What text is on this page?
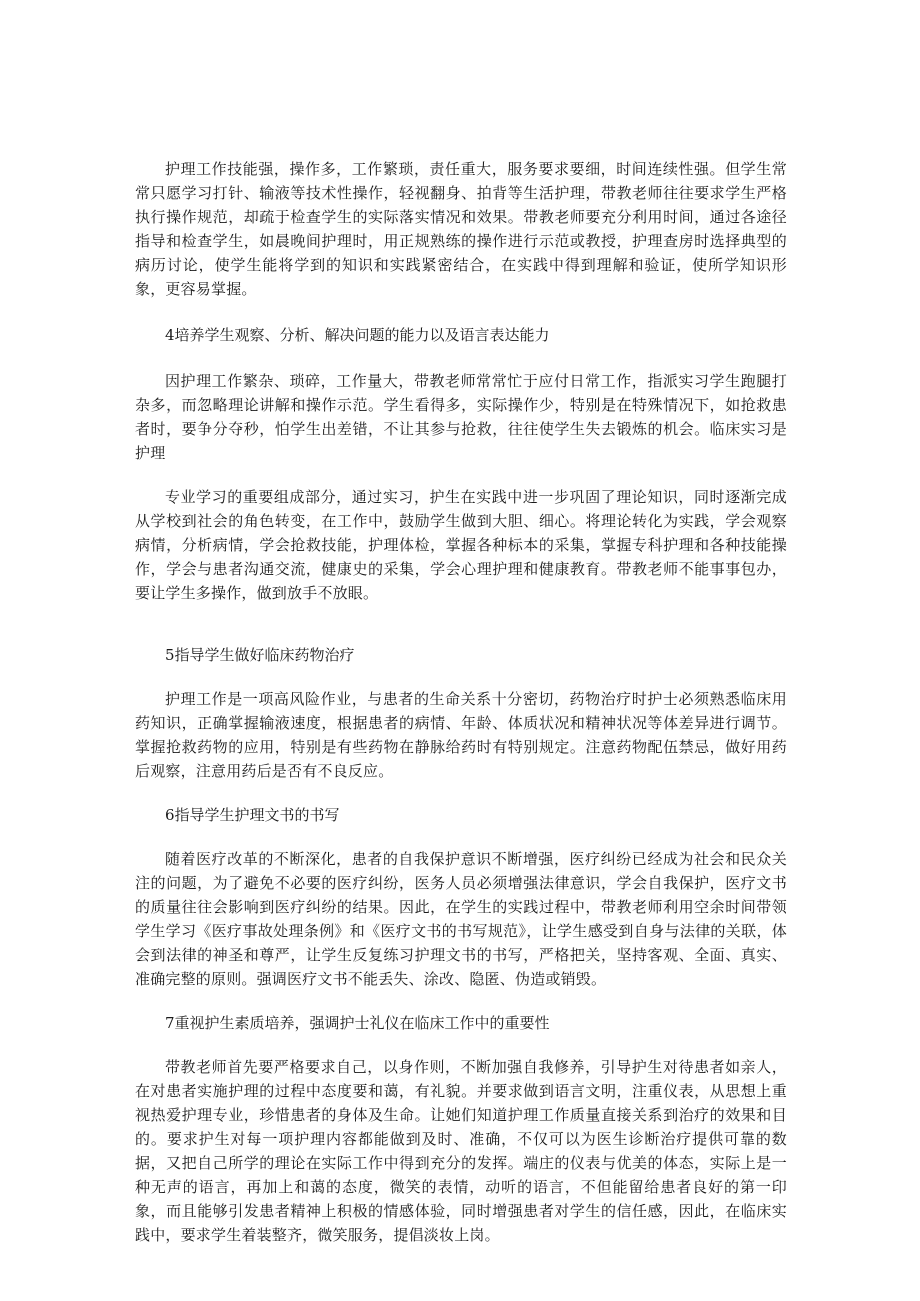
护理工作技能强，操作多，工作繁琐，责任重大，服务要求要细，时间连续性强。但学生常常只愿学习打针、输液等技术性操作，轻视翻身、拍背等生活护理，带教老师往往要求学生严格执行操作规范，却疏于检查学生的实际落实情况和效果。带教老师要充分利用时间，通过各途径指导和检查学生，如晨晚间护理时，用正规熟练的操作进行示范或教授，护理查房时选择典型的病历讨论，使学生能将学到的知识和实践紧密结合，在实践中得到理解和验证，使所学知识形象，更容易掌握。

4培养学生观察、分析、解决问题的能力以及语言表达能力

因护理工作繁杂、琐碎，工作量大，带教老师常常忙于应付日常工作，指派实习学生跑腿打杂多，而忽略理论讲解和操作示范。学生看得多，实际操作少，特别是在特殊情况下，如抢救患者时，要争分夺秒，怕学生出差错，不让其参与抢救，往往使学生失去锻炼的机会。临床实习是护理

专业学习的重要组成部分，通过实习，护生在实践中进一步巩固了理论知识，同时逐渐完成从学校到社会的角色转变，在工作中，鼓励学生做到大胆、细心。将理论转化为实践，学会观察病情，分析病情，学会抢救技能，护理体检，掌握各种标本的采集，掌握专科护理和各种技能操作，学会与患者沟通交流，健康史的采集，学会心理护理和健康教育。带教老师不能事事包办，要让学生多操作，做到放手不放眼。

5指导学生做好临床药物治疗

护理工作是一项高风险作业，与患者的生命关系十分密切，药物治疗时护士必须熟悉临床用药知识，正确掌握输液速度，根据患者的病情、年龄、体质状况和精神状况等体差异进行调节。掌握抢救药物的应用，特别是有些药物在静脉给药时有特别规定。注意药物配伍禁忌，做好用药后观察，注意用药后是否有不良反应。

6指导学生护理文书的书写

随着医疗改革的不断深化，患者的自我保护意识不断增强，医疗纠纷已经成为社会和民众关注的问题，为了避免不必要的医疗纠纷，医务人员必须增强法律意识，学会自我保护，医疗文书的质量往往会影响到医疗纠纷的结果。因此，在学生的实践过程中，带教老师利用空余时间带领学生学习《医疗事故处理条例》和《医疗文书的书写规范》，让学生感受到自身与法律的关联，体会到法律的神圣和尊严，让学生反复练习护理文书的书写，严格把关，坚持客观、全面、真实、准确完整的原则。强调医疗文书不能丢失、涂改、隐匿、伪造或销毁。

7重视护生素质培养，强调护士礼仪在临床工作中的重要性

带教老师首先要严格要求自己，以身作则，不断加强自我修养，引导护生对待患者如亲人，在对患者实施护理的过程中态度要和蔼，有礼貌。并要求做到语言文明，注重仪表，从思想上重视热爱护理专业，珍惜患者的身体及生命。让她们知道护理工作质量直接关系到治疗的效果和目的。要求护生对每一项护理内容都能做到及时、准确，不仅可以为医生诊断治疗提供可靠的数据，又把自己所学的理论在实际工作中得到充分的发挥。端庄的仪表与优美的体态，实际上是一种无声的语言，再加上和蔼的态度，微笑的表情，动听的语言，不但能留给患者良好的第一印象，而且能够引发患者精神上积极的情感体验，同时增强患者对学生的信任感，因此，在临床实践中，要求学生着装整齐，微笑服务，提倡淡妆上岗。
